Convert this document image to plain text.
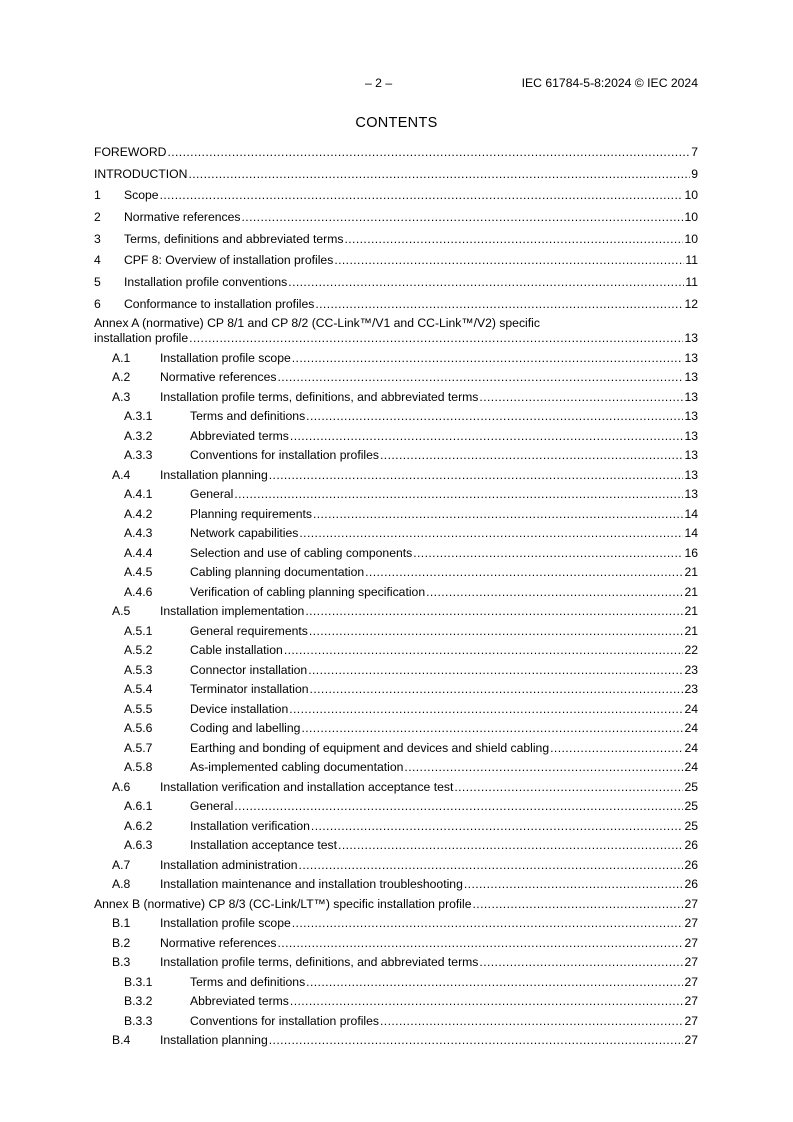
– 2 –	IEC 61784-5-8:2024 © IEC 2024
CONTENTS
FOREWORD .....	7
INTRODUCTION .....	9
1	Scope .....	10
2	Normative references .....	10
3	Terms, definitions and abbreviated terms .....	10
4	CPF 8: Overview of installation profiles .....	11
5	Installation profile conventions .....	11
6	Conformance to installation profiles .....	12
Annex A (normative) CP 8/1 and CP 8/2 (CC-Link™/V1 and CC-Link™/V2) specific
installation profile .....	13
A.1	Installation profile scope .....	13
A.2	Normative references .....	13
A.3	Installation profile terms, definitions, and abbreviated terms .....	13
A.3.1	Terms and definitions .....	13
A.3.2	Abbreviated terms .....	13
A.3.3	Conventions for installation profiles .....	13
A.4	Installation planning .....	13
A.4.1	General .....	13
A.4.2	Planning requirements .....	14
A.4.3	Network capabilities .....	14
A.4.4	Selection and use of cabling components .....	16
A.4.5	Cabling planning documentation .....	21
A.4.6	Verification of cabling planning specification .....	21
A.5	Installation implementation .....	21
A.5.1	General requirements .....	21
A.5.2	Cable installation .....	22
A.5.3	Connector installation .....	23
A.5.4	Terminator installation .....	23
A.5.5	Device installation .....	24
A.5.6	Coding and labelling .....	24
A.5.7	Earthing and bonding of equipment and devices and shield cabling .....	24
A.5.8	As-implemented cabling documentation .....	24
A.6	Installation verification and installation acceptance test .....	25
A.6.1	General .....	25
A.6.2	Installation verification .....	25
A.6.3	Installation acceptance test .....	26
A.7	Installation administration .....	26
A.8	Installation maintenance and installation troubleshooting .....	26
Annex B (normative) CP 8/3 (CC-Link/LT™) specific installation profile .....	27
B.1	Installation profile scope .....	27
B.2	Normative references .....	27
B.3	Installation profile terms, definitions, and abbreviated terms .....	27
B.3.1	Terms and definitions .....	27
B.3.2	Abbreviated terms .....	27
B.3.3	Conventions for installation profiles .....	27
B.4	Installation planning .....	27
